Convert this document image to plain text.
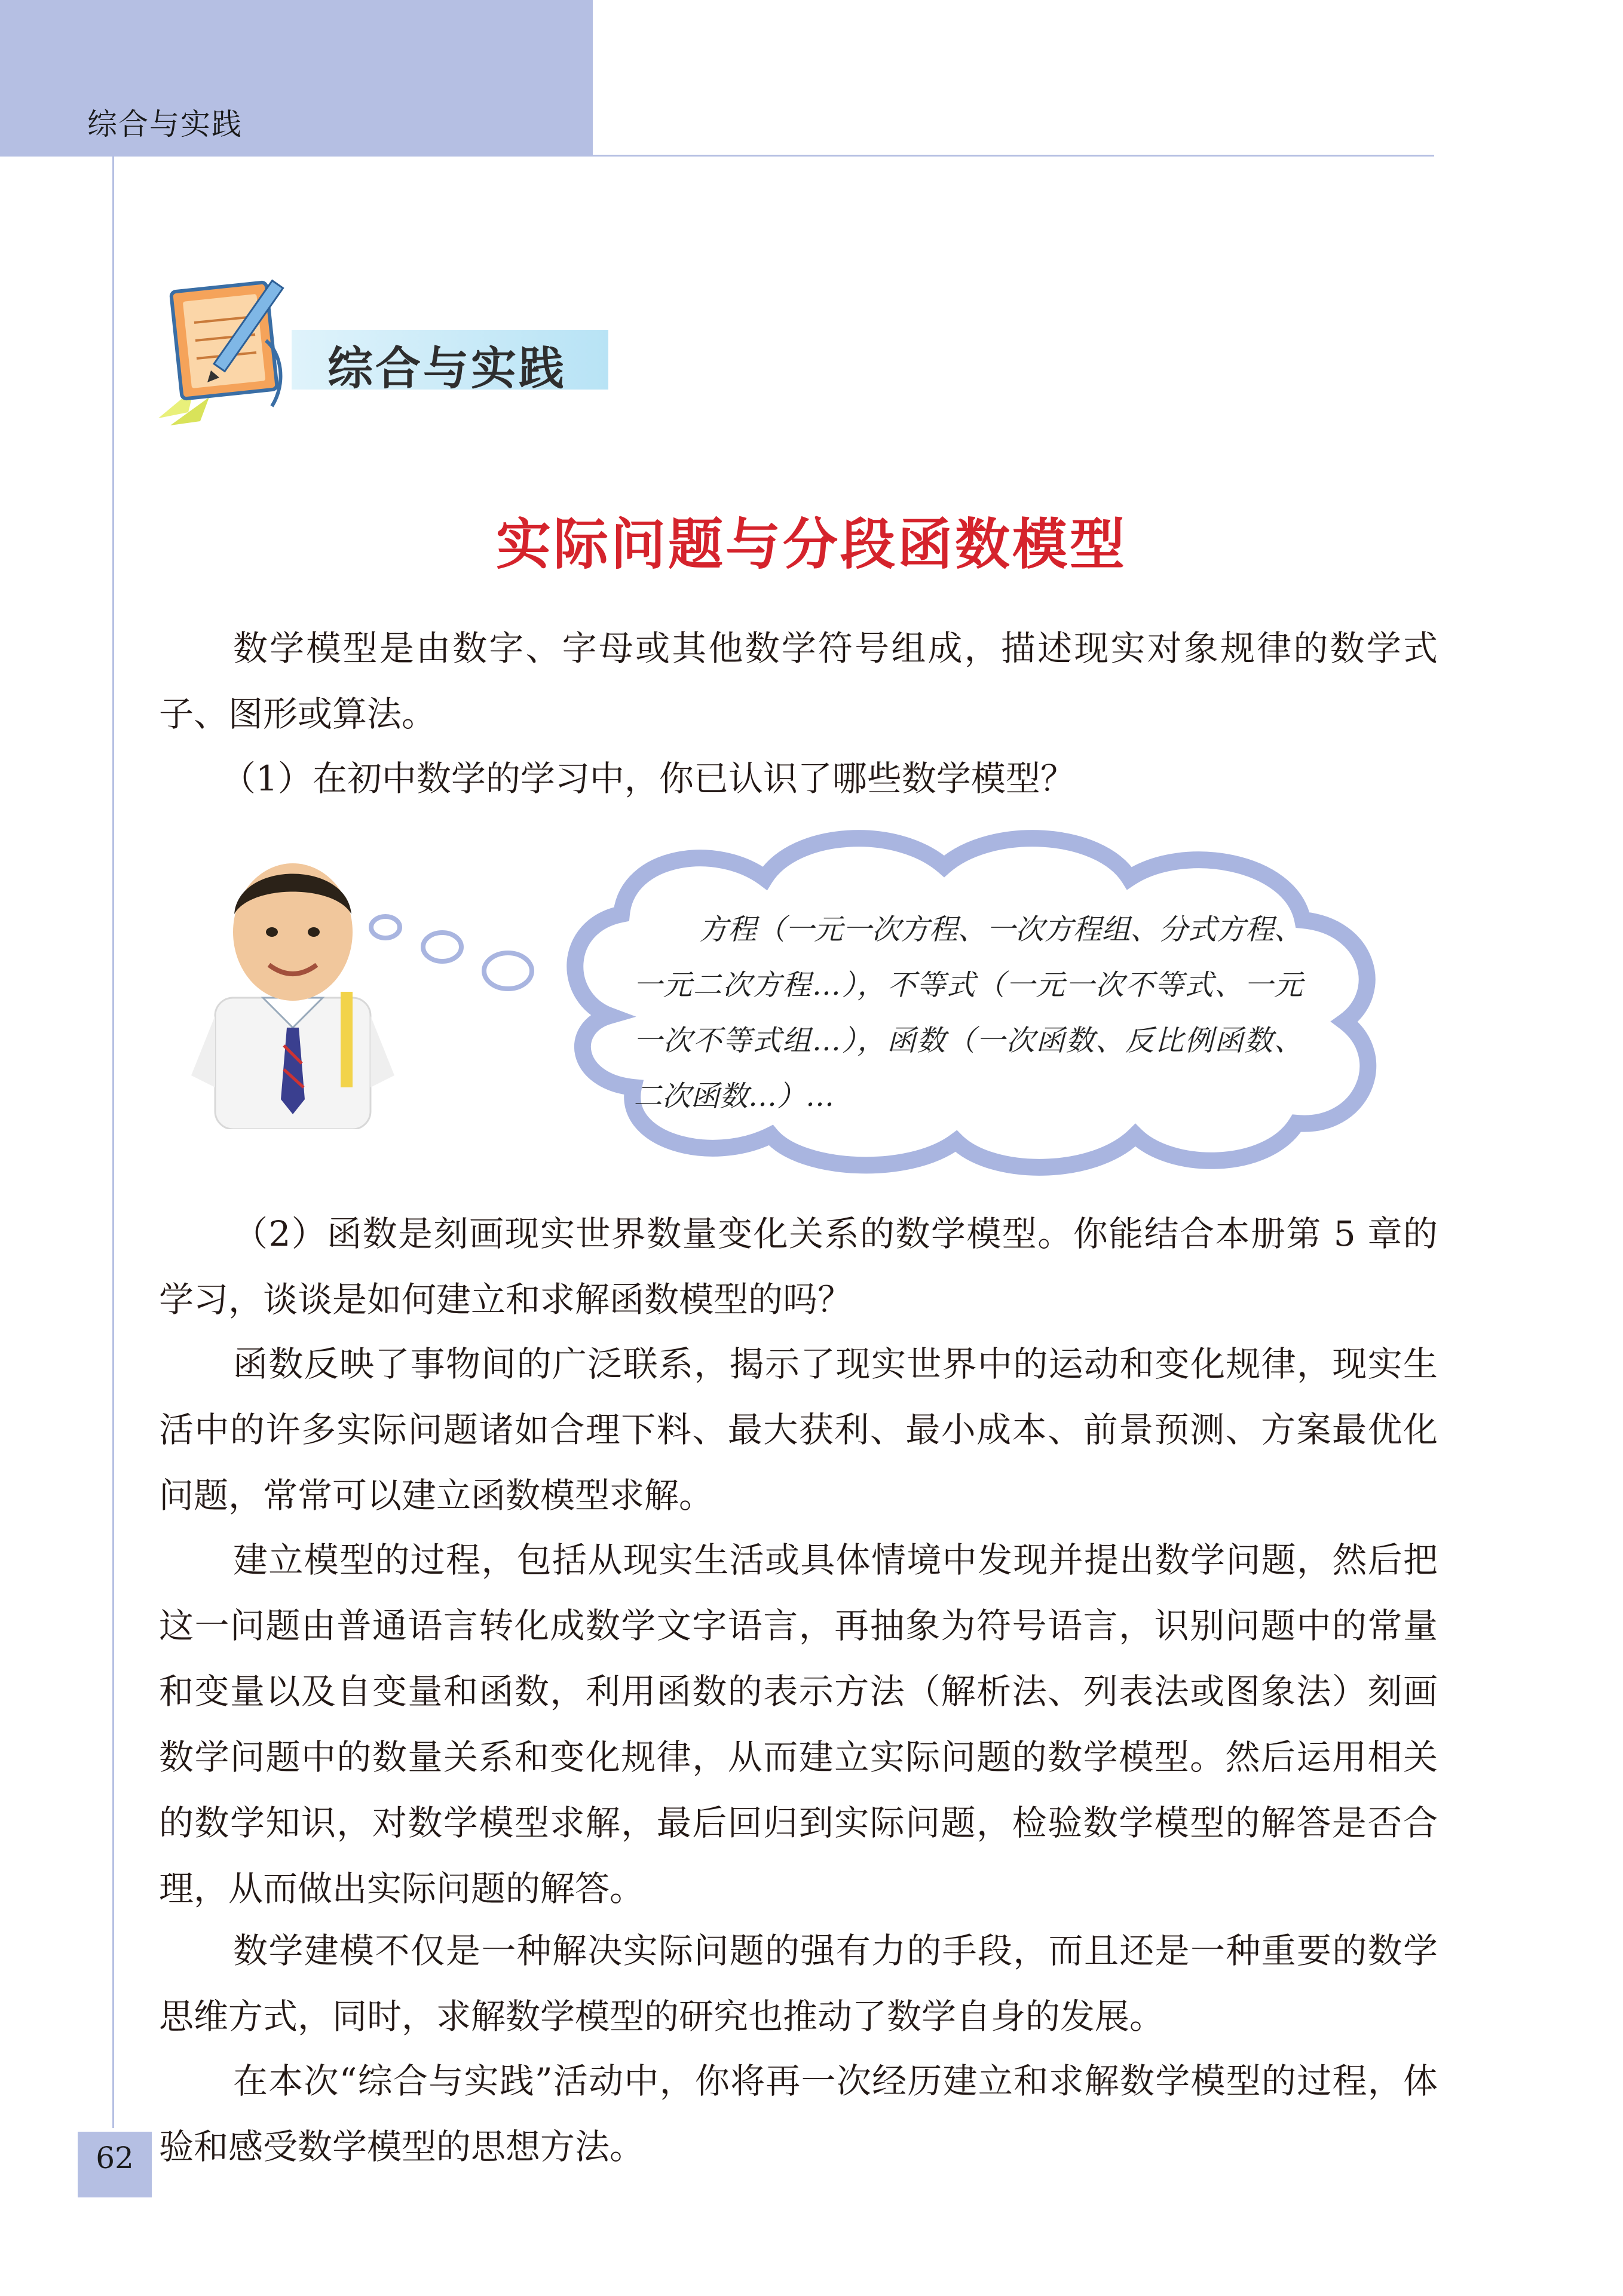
综合与实践
综合与实践
实际问题与分段函数模型

数学模型是由数字、字母或其他数学符号组成，描述现实对象规律的数学式子、图形或算法。

（1）在初中数学的学习中，你已认识了哪些数学模型？

方程（一元一次方程、一次方程组、分式方程、一元二次方程…），不等式（一元一次不等式、一元一次不等式组…），函数（一次函数、反比例函数、二次函数…）…

（2）函数是刻画现实世界数量变化关系的数学模型。你能结合本册第 5 章的学习，谈谈是如何建立和求解函数模型的吗？

函数反映了事物间的广泛联系，揭示了现实世界中的运动和变化规律，现实生活中的许多实际问题诸如合理下料、最大获利、最小成本、前景预测、方案最优化问题，常常可以建立函数模型求解。

建立模型的过程，包括从现实生活或具体情境中发现并提出数学问题，然后把这一问题由普通语言转化成数学文字语言，再抽象为符号语言，识别问题中的常量和变量以及自变量和函数，利用函数的表示方法（解析法、列表法或图象法）刻画数学问题中的数量关系和变化规律，从而建立实际问题的数学模型。然后运用相关的数学知识，对数学模型求解，最后回归到实际问题，检验数学模型的解答是否合理，从而做出实际问题的解答。

数学建模不仅是一种解决实际问题的强有力的手段，而且还是一种重要的数学思维方式，同时，求解数学模型的研究也推动了数学自身的发展。

在本次“综合与实践”活动中，你将再一次经历建立和求解数学模型的过程，体验和感受数学模型的思想方法。

62
